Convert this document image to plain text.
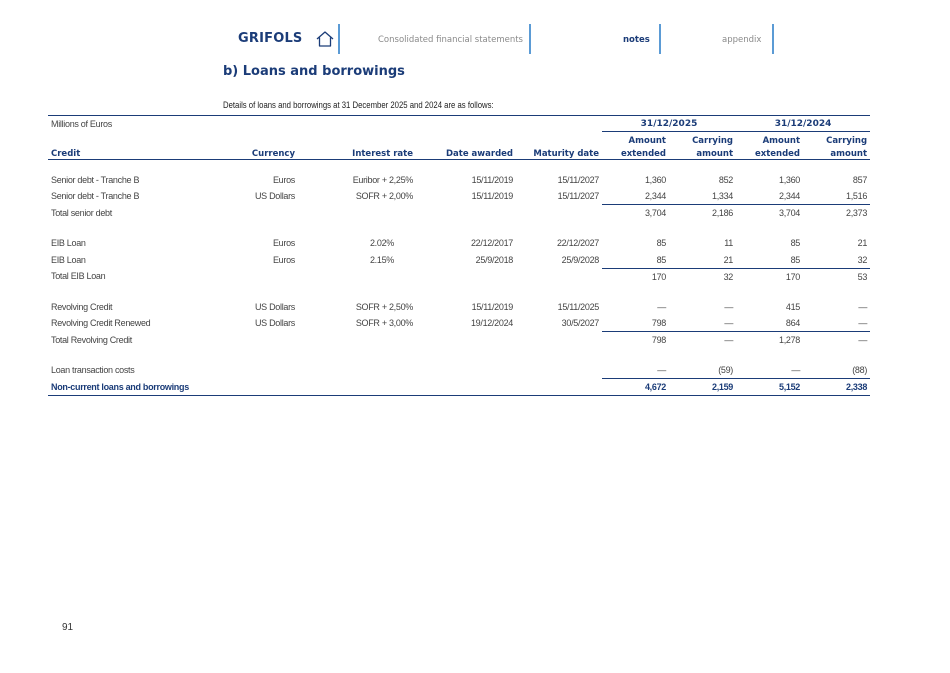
GRIFOLS	Consolidated financial statements	notes	appendix
b) Loans and borrowings
Details of loans and borrowings at 31 December 2025 and 2024 are as follows:
Millions of Euros					31/12/2025		31/12/2024	
					Amount	Carrying	Amount	Carrying
Credit	Currency	Interest rate	Date awarded	Maturity date	extended	amount	extended	amount

Senior debt - Tranche B	Euros	Euribor + 2,25%	15/11/2019	15/11/2027	1,360	852	1,360	857
Senior debt - Tranche B	US Dollars	SOFR + 2,00%	15/11/2019	15/11/2027	2,344	1,334	2,344	1,516
Total senior debt					3,704	2,186	3,704	2,373

EIB Loan	Euros	2.02%	22/12/2017	22/12/2027	85	11	85	21
EIB Loan	Euros	2.15%	25/9/2018	25/9/2028	85	21	85	32
Total EIB Loan					170	32	170	53

Revolving Credit	US Dollars	SOFR + 2,50%	15/11/2019	15/11/2025	—	—	415	—
Revolving Credit Renewed	US Dollars	SOFR + 3,00%	19/12/2024	30/5/2027	798	—	864	—
Total Revolving Credit					798	—	1,278	—

Loan transaction costs					—	(59)	—	(88)
Non-current loans and borrowings					4,672	2,159	5,152	2,338
91
